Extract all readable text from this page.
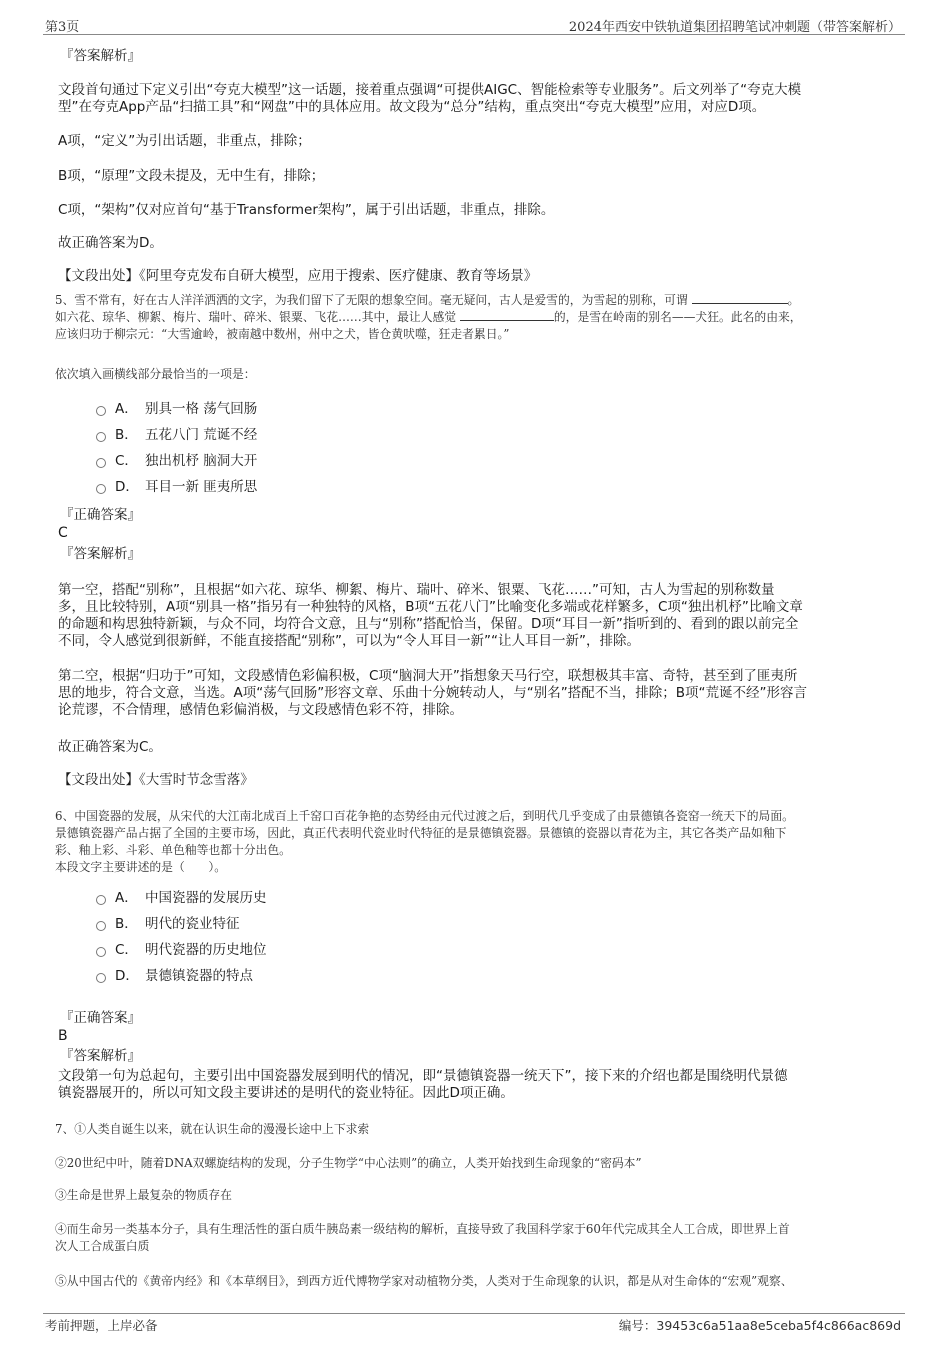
第3页	2024年西安中铁轨道集团招聘笔试冲刺题（带答案解析）
『答案解析』
文段首句通过下定义引出“夸克大模型”这一话题，接着重点强调“可提供AIGC、智能检索等专业服务”。后文列举了“夸克大模
型”在夸克App产品“扫描工具”和“网盘”中的具体应用。故文段为“总分”结构，重点突出“夸克大模型”应用，对应D项。
A项，“定义”为引出话题，非重点，排除；
B项，“原理”文段未提及，无中生有，排除；
C项，“架构”仅对应首句“基于Transformer架构”，属于引出话题，非重点，排除。
故正确答案为D。
【文段出处】《阿里夸克发布自研大模型，应用于搜索、医疗健康、教育等场景》
5、雪不常有，好在古人洋洋洒洒的文字，为我们留下了无限的想象空间。毫无疑问，古人是爱雪的，为雪起的别称，可谓	。
如六花、琼华、柳絮、梅片、瑞叶、碎米、银粟、飞花……其中，最让人感觉	的，是雪在岭南的别名——犬狂。此名的由来，
应该归功于柳宗元：“大雪逾岭，被南越中数州，州中之犬，皆仓黄吠噬，狂走者累日。”
依次填入画横线部分最恰当的一项是：
A． 别具一格 荡气回肠
B． 五花八门 荒诞不经
C． 独出机杼 脑洞大开
D． 耳目一新 匪夷所思
『正确答案』
C
『答案解析』
第一空，搭配“别称”，且根据“如六花、琼华、柳絮、梅片、瑞叶、碎米、银粟、飞花……”可知，古人为雪起的别称数量
多，且比较特别，A项“别具一格”指另有一种独特的风格，B项“五花八门”比喻变化多端或花样繁多，C项“独出机杼”比喻文章
的命题和构思独特新颖，与众不同，均符合文意，且与“别称”搭配恰当，保留。D项“耳目一新”指听到的、看到的跟以前完全
不同，令人感觉到很新鲜，不能直接搭配“别称”，可以为“令人耳目一新”“让人耳目一新”，排除。
第二空，根据“归功于”可知，文段感情色彩偏积极，C项“脑洞大开”指想象天马行空，联想极其丰富、奇特，甚至到了匪夷所
思的地步，符合文意，当选。A项“荡气回肠”形容文章、乐曲十分婉转动人，与“别名”搭配不当，排除；B项“荒诞不经”形容言
论荒谬，不合情理，感情色彩偏消极，与文段感情色彩不符，排除。
故正确答案为C。
【文段出处】《大雪时节念雪落》
6、中国瓷器的发展，从宋代的大江南北成百上千窑口百花争艳的态势经由元代过渡之后，到明代几乎变成了由景德镇各瓷窑一统天下的局面。
景德镇瓷器产品占据了全国的主要市场，因此，真正代表明代瓷业时代特征的是景德镇瓷器。景德镇的瓷器以青花为主，其它各类产品如釉下
彩、釉上彩、斗彩、单色釉等也都十分出色。
本段文字主要讲述的是（　　）。
A． 中国瓷器的发展历史
B． 明代的瓷业特征
C． 明代瓷器的历史地位
D． 景德镇瓷器的特点
『正确答案』
B
『答案解析』
文段第一句为总起句，主要引出中国瓷器发展到明代的情况，即“景德镇瓷器一统天下”，接下来的介绍也都是围绕明代景德
镇瓷器展开的，所以可知文段主要讲述的是明代的瓷业特征。因此D项正确。
7、①人类自诞生以来，就在认识生命的漫漫长途中上下求索
②20世纪中叶，随着DNA双螺旋结构的发现，分子生物学“中心法则”的确立，人类开始找到生命现象的“密码本”
③生命是世界上最复杂的物质存在
④而生命另一类基本分子，具有生理活性的蛋白质牛胰岛素一级结构的解析，直接导致了我国科学家于60年代完成其全人工合成，即世界上首
次人工合成蛋白质
⑤从中国古代的《黄帝内经》和《本草纲目》，到西方近代博物学家对动植物分类，人类对于生命现象的认识，都是从对生命体的“宏观”观察、
考前押题，上岸必备	编号：39453c6a51aa8e5ceba5f4c866ac869d
